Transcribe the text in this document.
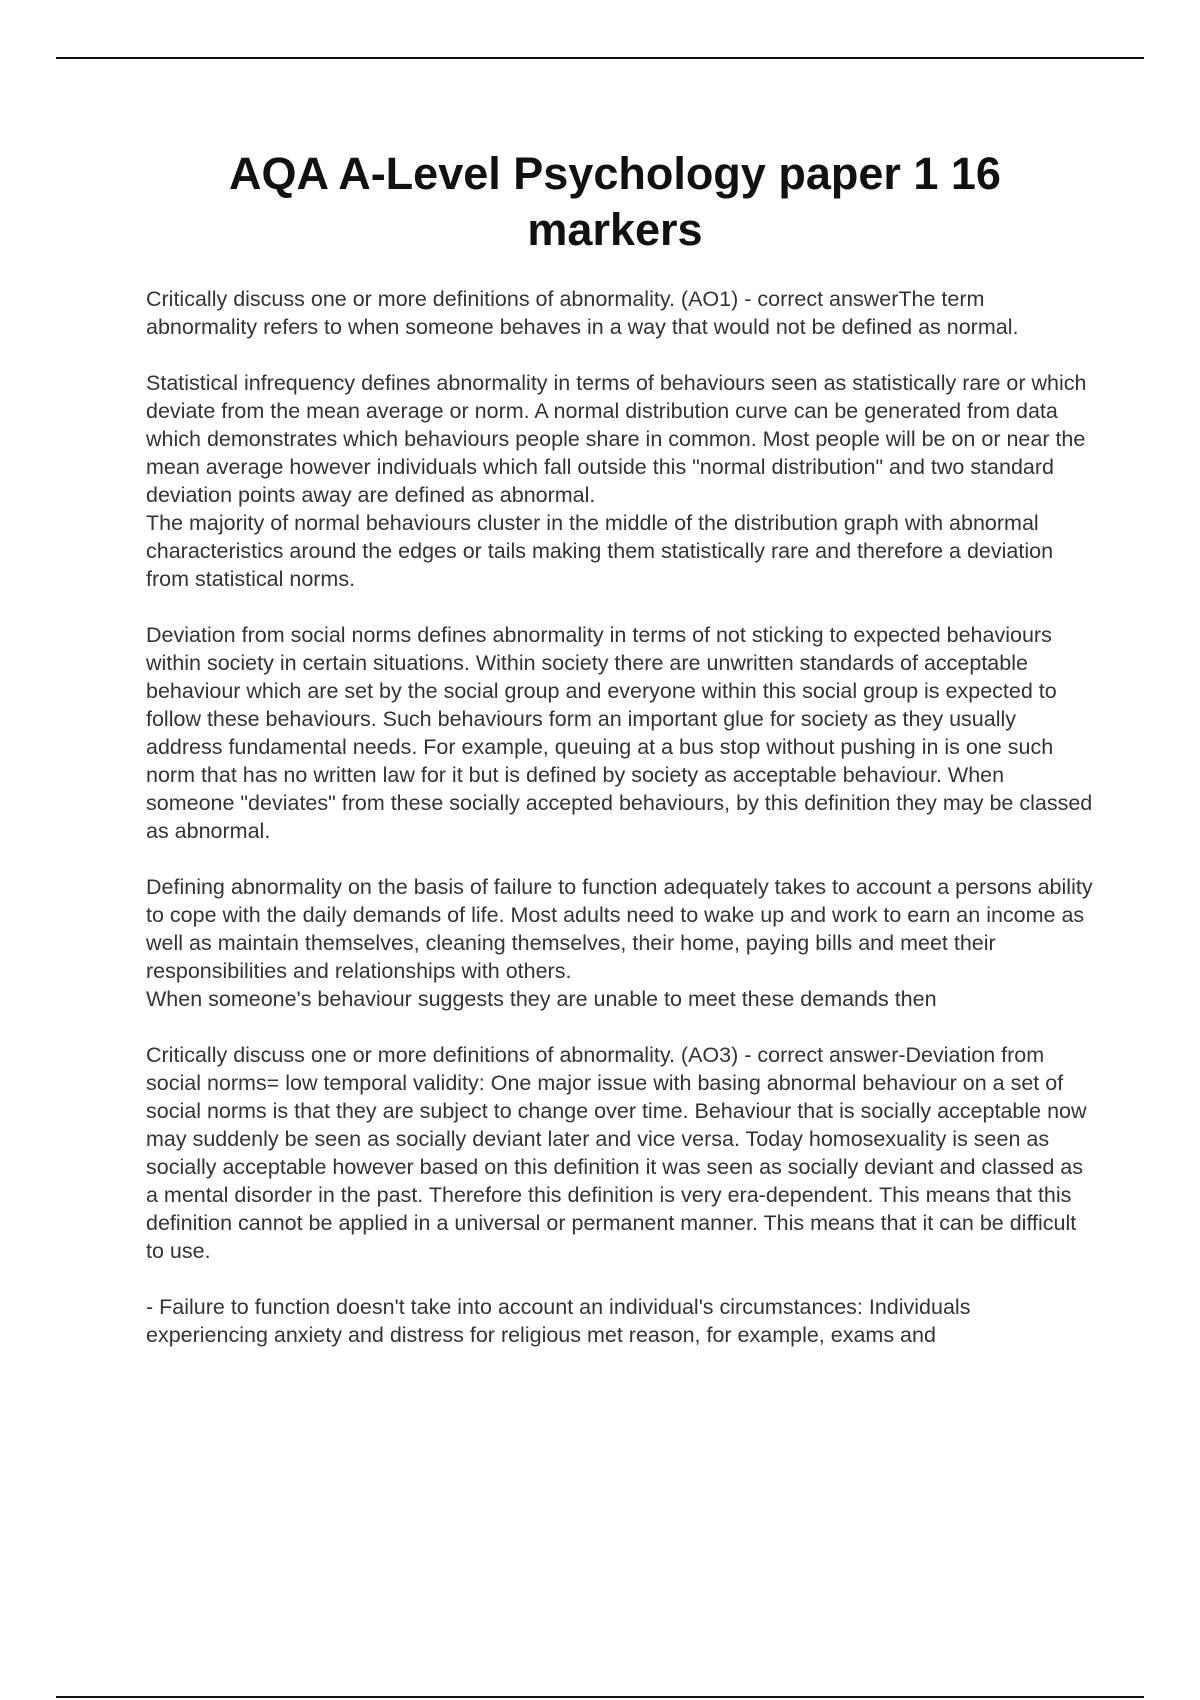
AQA A-Level Psychology paper 1 16 markers

Critically discuss one or more definitions of abnormality. (AO1) - correct answerThe term abnormality refers to when someone behaves in a way that would not be defined as normal.

Statistical infrequency defines abnormality in terms of behaviours seen as statistically rare or which deviate from the mean average or norm. A normal distribution curve can be generated from data which demonstrates which behaviours people share in common. Most people will be on or near the mean average however individuals which fall outside this "normal distribution" and two standard deviation points away are defined as abnormal.
The majority of normal behaviours cluster in the middle of the distribution graph with abnormal characteristics around the edges or tails making them statistically rare and therefore a deviation from statistical norms.

Deviation from social norms defines abnormality in terms of not sticking to expected behaviours within society in certain situations. Within society there are unwritten standards of acceptable behaviour which are set by the social group and everyone within this social group is expected to follow these behaviours. Such behaviours form an important glue for society as they usually address fundamental needs. For example, queuing at a bus stop without pushing in is one such norm that has no written law for it but is defined by society as acceptable behaviour. When someone "deviates" from these socially accepted behaviours, by this definition they may be classed as abnormal.

Defining abnormality on the basis of failure to function adequately takes to account a persons ability to cope with the daily demands of life. Most adults need to wake up and work to earn an income as well as maintain themselves, cleaning themselves, their home, paying bills and meet their responsibilities and relationships with others.
When someone's behaviour suggests they are unable to meet these demands then

Critically discuss one or more definitions of abnormality. (AO3) - correct answer-Deviation from social norms= low temporal validity: One major issue with basing abnormal behaviour on a set of social norms is that they are subject to change over time. Behaviour that is socially acceptable now may suddenly be seen as socially deviant later and vice versa. Today homosexuality is seen as socially acceptable however based on this definition it was seen as socially deviant and classed as a mental disorder in the past. Therefore this definition is very era-dependent. This means that this definition cannot be applied in a universal or permanent manner. This means that it can be difficult to use.

- Failure to function doesn't take into account an individual's circumstances: Individuals experiencing anxiety and distress for religious met reason, for example, exams and
